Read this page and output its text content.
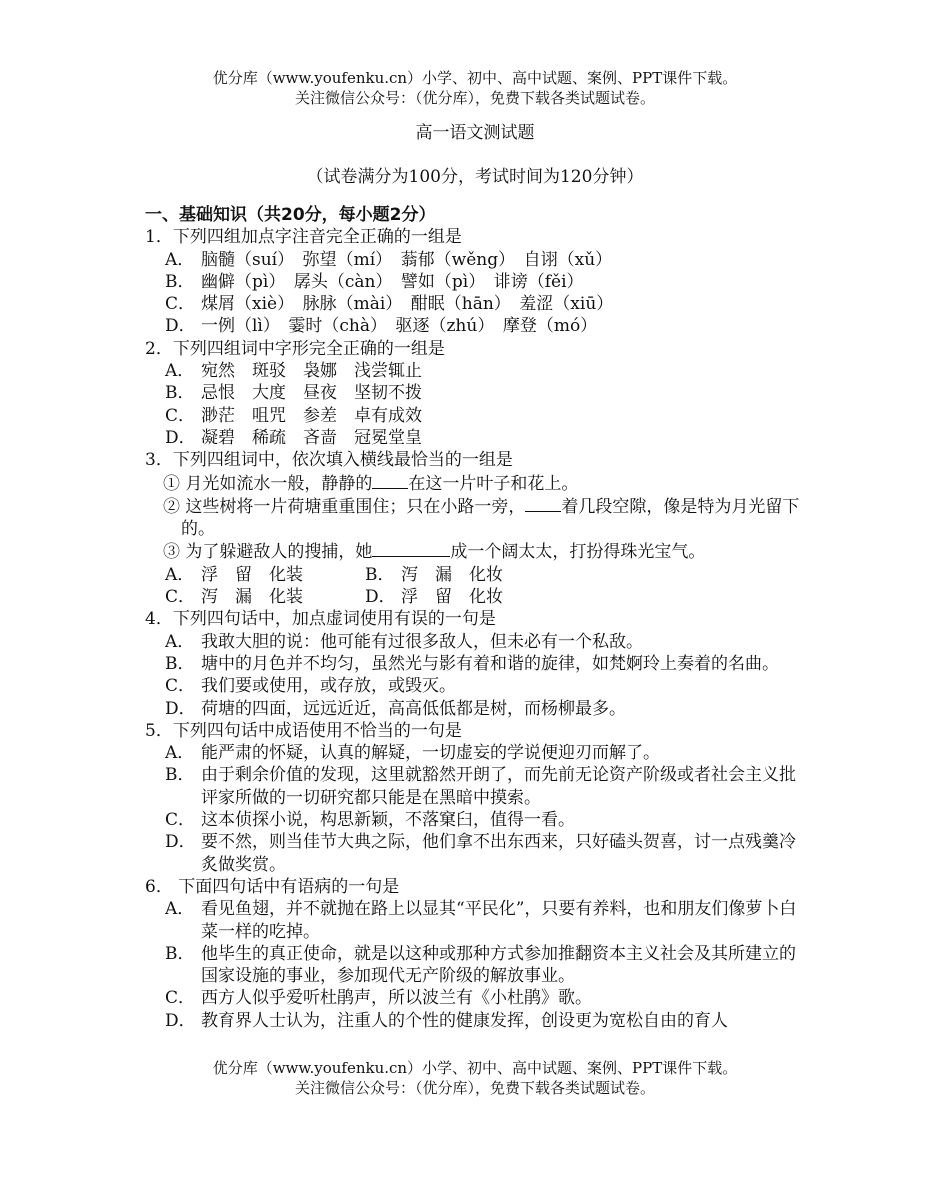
优分库（www.youfenku.cn）小学、初中、高中试题、案例、PPT课件下载。
关注微信公众号：（优分库），免费下载各类试题试卷。
高一语文测试题
（试卷满分为100分，考试时间为120分钟）
一、基础知识（共20分，每小题2分）
1．下列四组加点字注音完全正确的一组是
A． 脑髓（suí）　弥望（mí）　蓊郁（wěng）　自诩（xǔ）
B． 幽僻（pì）　孱头（càn）　譬如（pì）　诽谤（fěi）
C． 煤屑（xiè）　脉脉（mài）　酣眠（hān）　羞涩（xiū）
D． 一例（lì）　霎时（chà）　驱逐（zhú）　摩登（mó）
2．下列四组词中字形完全正确的一组是
A． 宛然　斑驳　袅娜　浅尝辄止
B． 忌恨　大度　昼夜　坚韧不拨
C． 渺茫　咀咒　参差　卓有成效
D． 凝碧　稀疏　吝啬　冠冕堂皇
3．下列四组词中，依次填入横线最恰当的一组是
① 月光如流水一般，静静的 在这一片叶子和花上。
② 这些树将一片荷塘重重围住；只在小路一旁， 着几段空隙，像是特为月光留下的。
③ 为了躲避敌人的搜捕，她	成一个阔太太，打扮得珠光宝气。
A． 浮　留　化装	B． 泻　漏　化妆
C． 泻　漏　化装	D． 浮　留　化妆
4．下列四句话中，加点虚词使用有误的一句是
A． 我敢大胆的说：他可能有过很多敌人，但未必有一个私敌。
B． 塘中的月色并不均匀，虽然光与影有着和谐的旋律，如梵婀玲上奏着的名曲。
C． 我们要或使用，或存放，或毁灭。
D． 荷塘的四面，远远近近，高高低低都是树，而杨柳最多。
5．下列四句话中成语使用不恰当的一句是
A． 能严肃的怀疑，认真的解疑，一切虚妄的学说便迎刃而解了。
B． 由于剩余价值的发现，这里就豁然开朗了，而先前无论资产阶级或者社会主义批评家所做的一切研究都只能是在黑暗中摸索。
C． 这本侦探小说，构思新颖，不落窠臼，值得一看。
D． 要不然，则当佳节大典之际，他们拿不出东西来，只好磕头贺喜，讨一点残羹冷炙做奖赏。
6． 下面四句话中有语病的一句是
A． 看见鱼翅，并不就抛在路上以显其“平民化”，只要有养料，也和朋友们像萝卜白菜一样的吃掉。
B． 他毕生的真正使命，就是以这种或那种方式参加推翻资本主义社会及其所建立的国家设施的事业，参加现代无产阶级的解放事业。
C． 西方人似乎爱听杜鹃声，所以波兰有《小杜鹃》歌。
D． 教育界人士认为，注重人的个性的健康发挥，创设更为宽松自由的育人
优分库（www.youfenku.cn）小学、初中、高中试题、案例、PPT课件下载。
关注微信公众号：（优分库），免费下载各类试题试卷。
